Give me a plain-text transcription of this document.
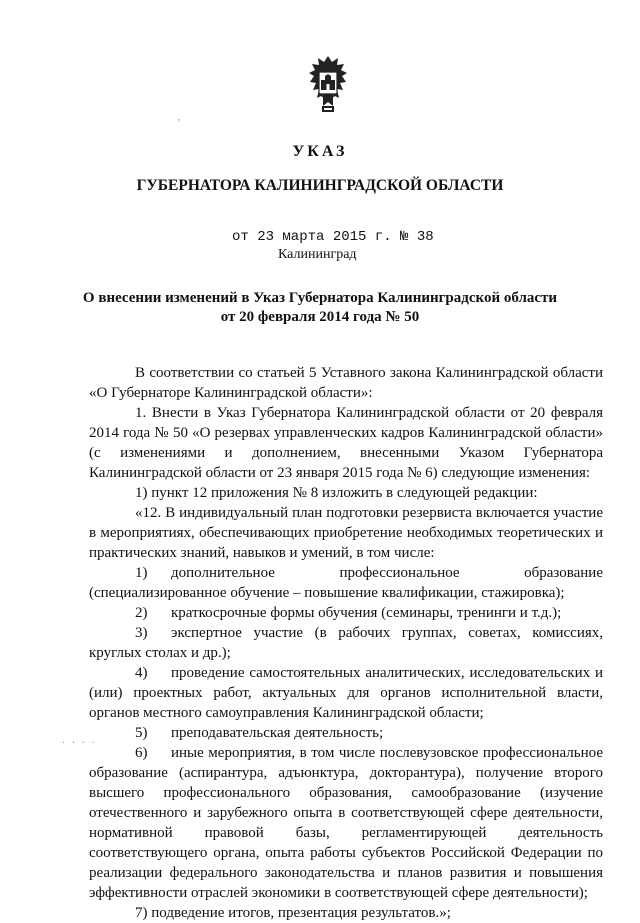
УКАЗ
ГУБЕРНАТОРА КАЛИНИНГРАДСКОЙ ОБЛАСТИ
от 23 марта 2015 г. № 38
Калининград
О внесении изменений в Указ Губернатора Калининградской области
от 20 февраля 2014 года № 50

В соответствии со статьей 5 Уставного закона Калининградской области «О Губернаторе Калининградской области»:

1. Внести в Указ Губернатора Калининградской области от 20 февраля 2014 года № 50 «О резервах управленческих кадров Калининградской области» (с изменениями и дополнением, внесенными Указом Губернатора Калининградской области от 23 января 2015 года № 6) следующие изменения:

1) пункт 12 приложения № 8 изложить в следующей редакции:

«12. В индивидуальный план подготовки резервиста включается участие в мероприятиях, обеспечивающих приобретение необходимых теоретических и практических знаний, навыков и умений, в том числе:

1) дополнительное профессиональное образование (специализированное обучение – повышение квалификации, стажировка);

2) краткосрочные формы обучения (семинары, тренинги и т.д.);

3) экспертное участие (в рабочих группах, советах, комиссиях, круглых столах и др.);

4) проведение самостоятельных аналитических, исследовательских и (или) проектных работ, актуальных для органов исполнительной власти, органов местного самоуправления Калининградской области;

5) преподавательская деятельность;

6) иные мероприятия, в том числе послевузовское профессиональное образование (аспирантура, адъюнктура, докторантура), получение второго высшего профессионального образования, самообразование (изучение отечественного и зарубежного опыта в соответствующей сфере деятельности, нормативной правовой базы, регламентирующей деятельность соответствующего органа, опыта работы субъектов Российской Федерации по реализации федерального законодательства и планов развития и повышения эффективности отраслей экономики в соответствующей сфере деятельности);

7) подведение итогов, презентация результатов.»;

· · · ·
'
